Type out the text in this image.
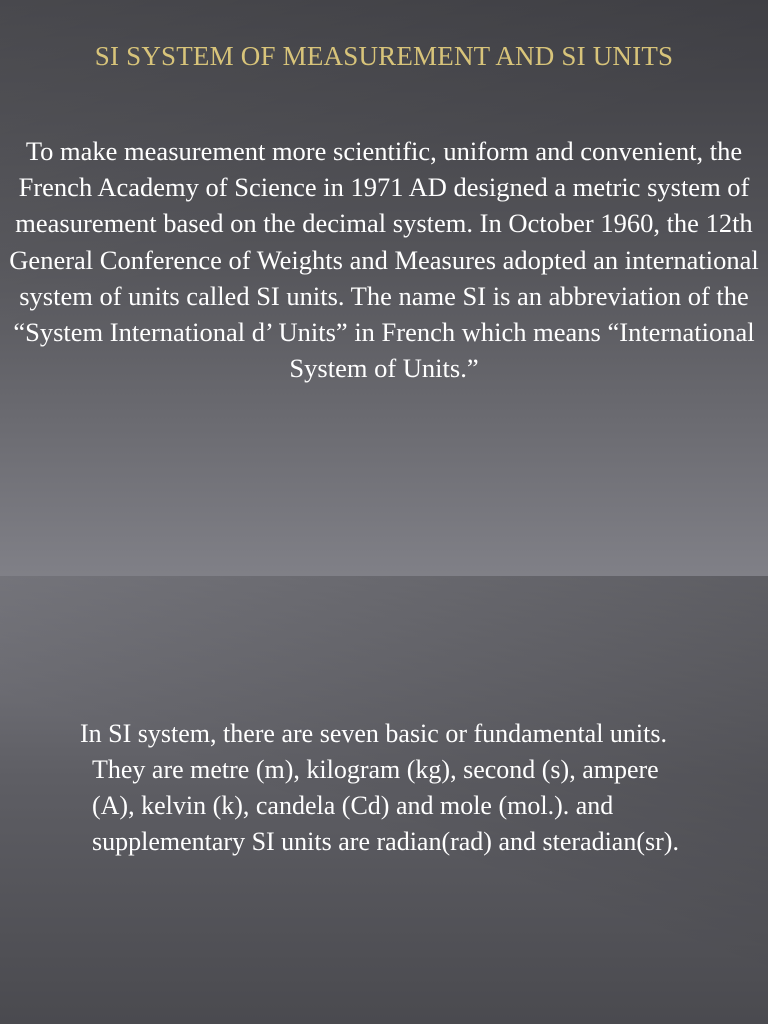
SI SYSTEM OF MEASUREMENT AND SI UNITS

To make measurement more scientific, uniform and convenient, the French Academy of Science in 1971 AD designed a metric system of measurement based on the decimal system. In October 1960, the 12th General Conference of Weights and Measures adopted an international system of units called SI units. The name SI is an abbreviation of the “System International d’ Units” in French which means “International System of Units.”

In SI system, there are seven basic or fundamental units. They are metre (m), kilogram (kg), second (s), ampere (A), kelvin (k), candela (Cd) and mole (mol.). and supplementary SI units are radian(rad) and steradian(sr).
